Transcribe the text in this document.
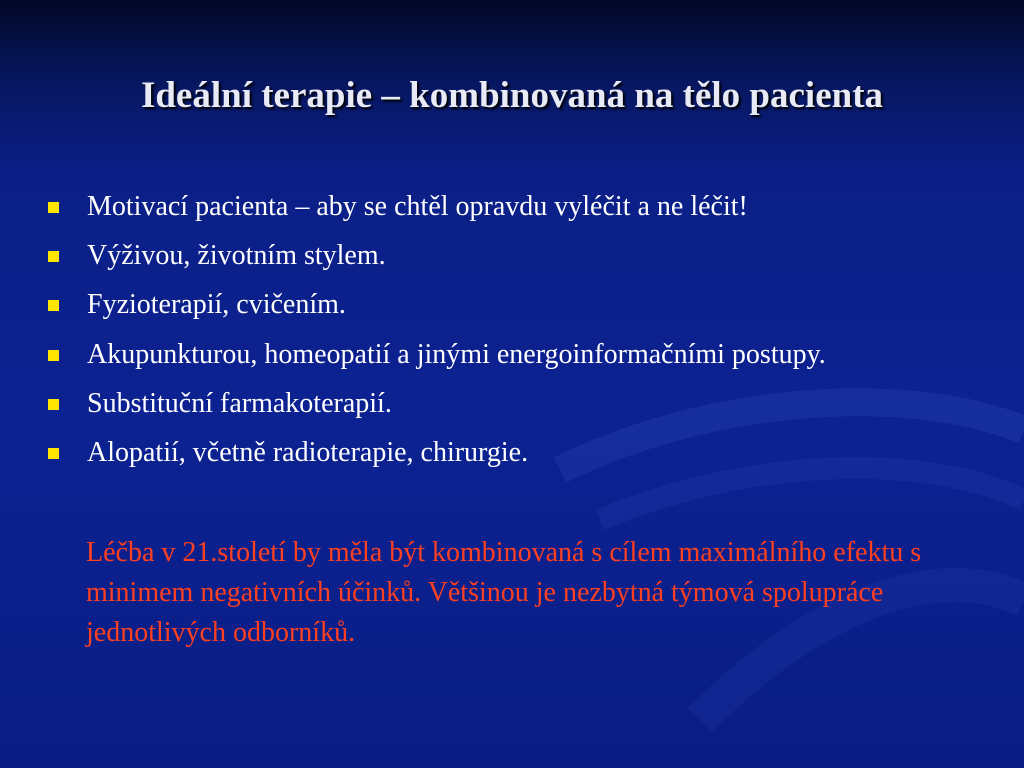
Ideální terapie – kombinovaná na tělo pacienta
Motivací pacienta – aby se chtěl opravdu vyléčit a ne léčit!
Výživou, životním stylem.
Fyzioterapií, cvičením.
Akupunkturou, homeopatií a jinými energoinformačními postupy.
Substituční farmakoterapií.
Alopatií, včetně radioterapie, chirurgie.

Léčba v 21.století by měla být kombinovaná s cílem maximálního efektu s minimem negativních účinků. Většinou je nezbytná týmová spolupráce jednotlivých odborníků.
